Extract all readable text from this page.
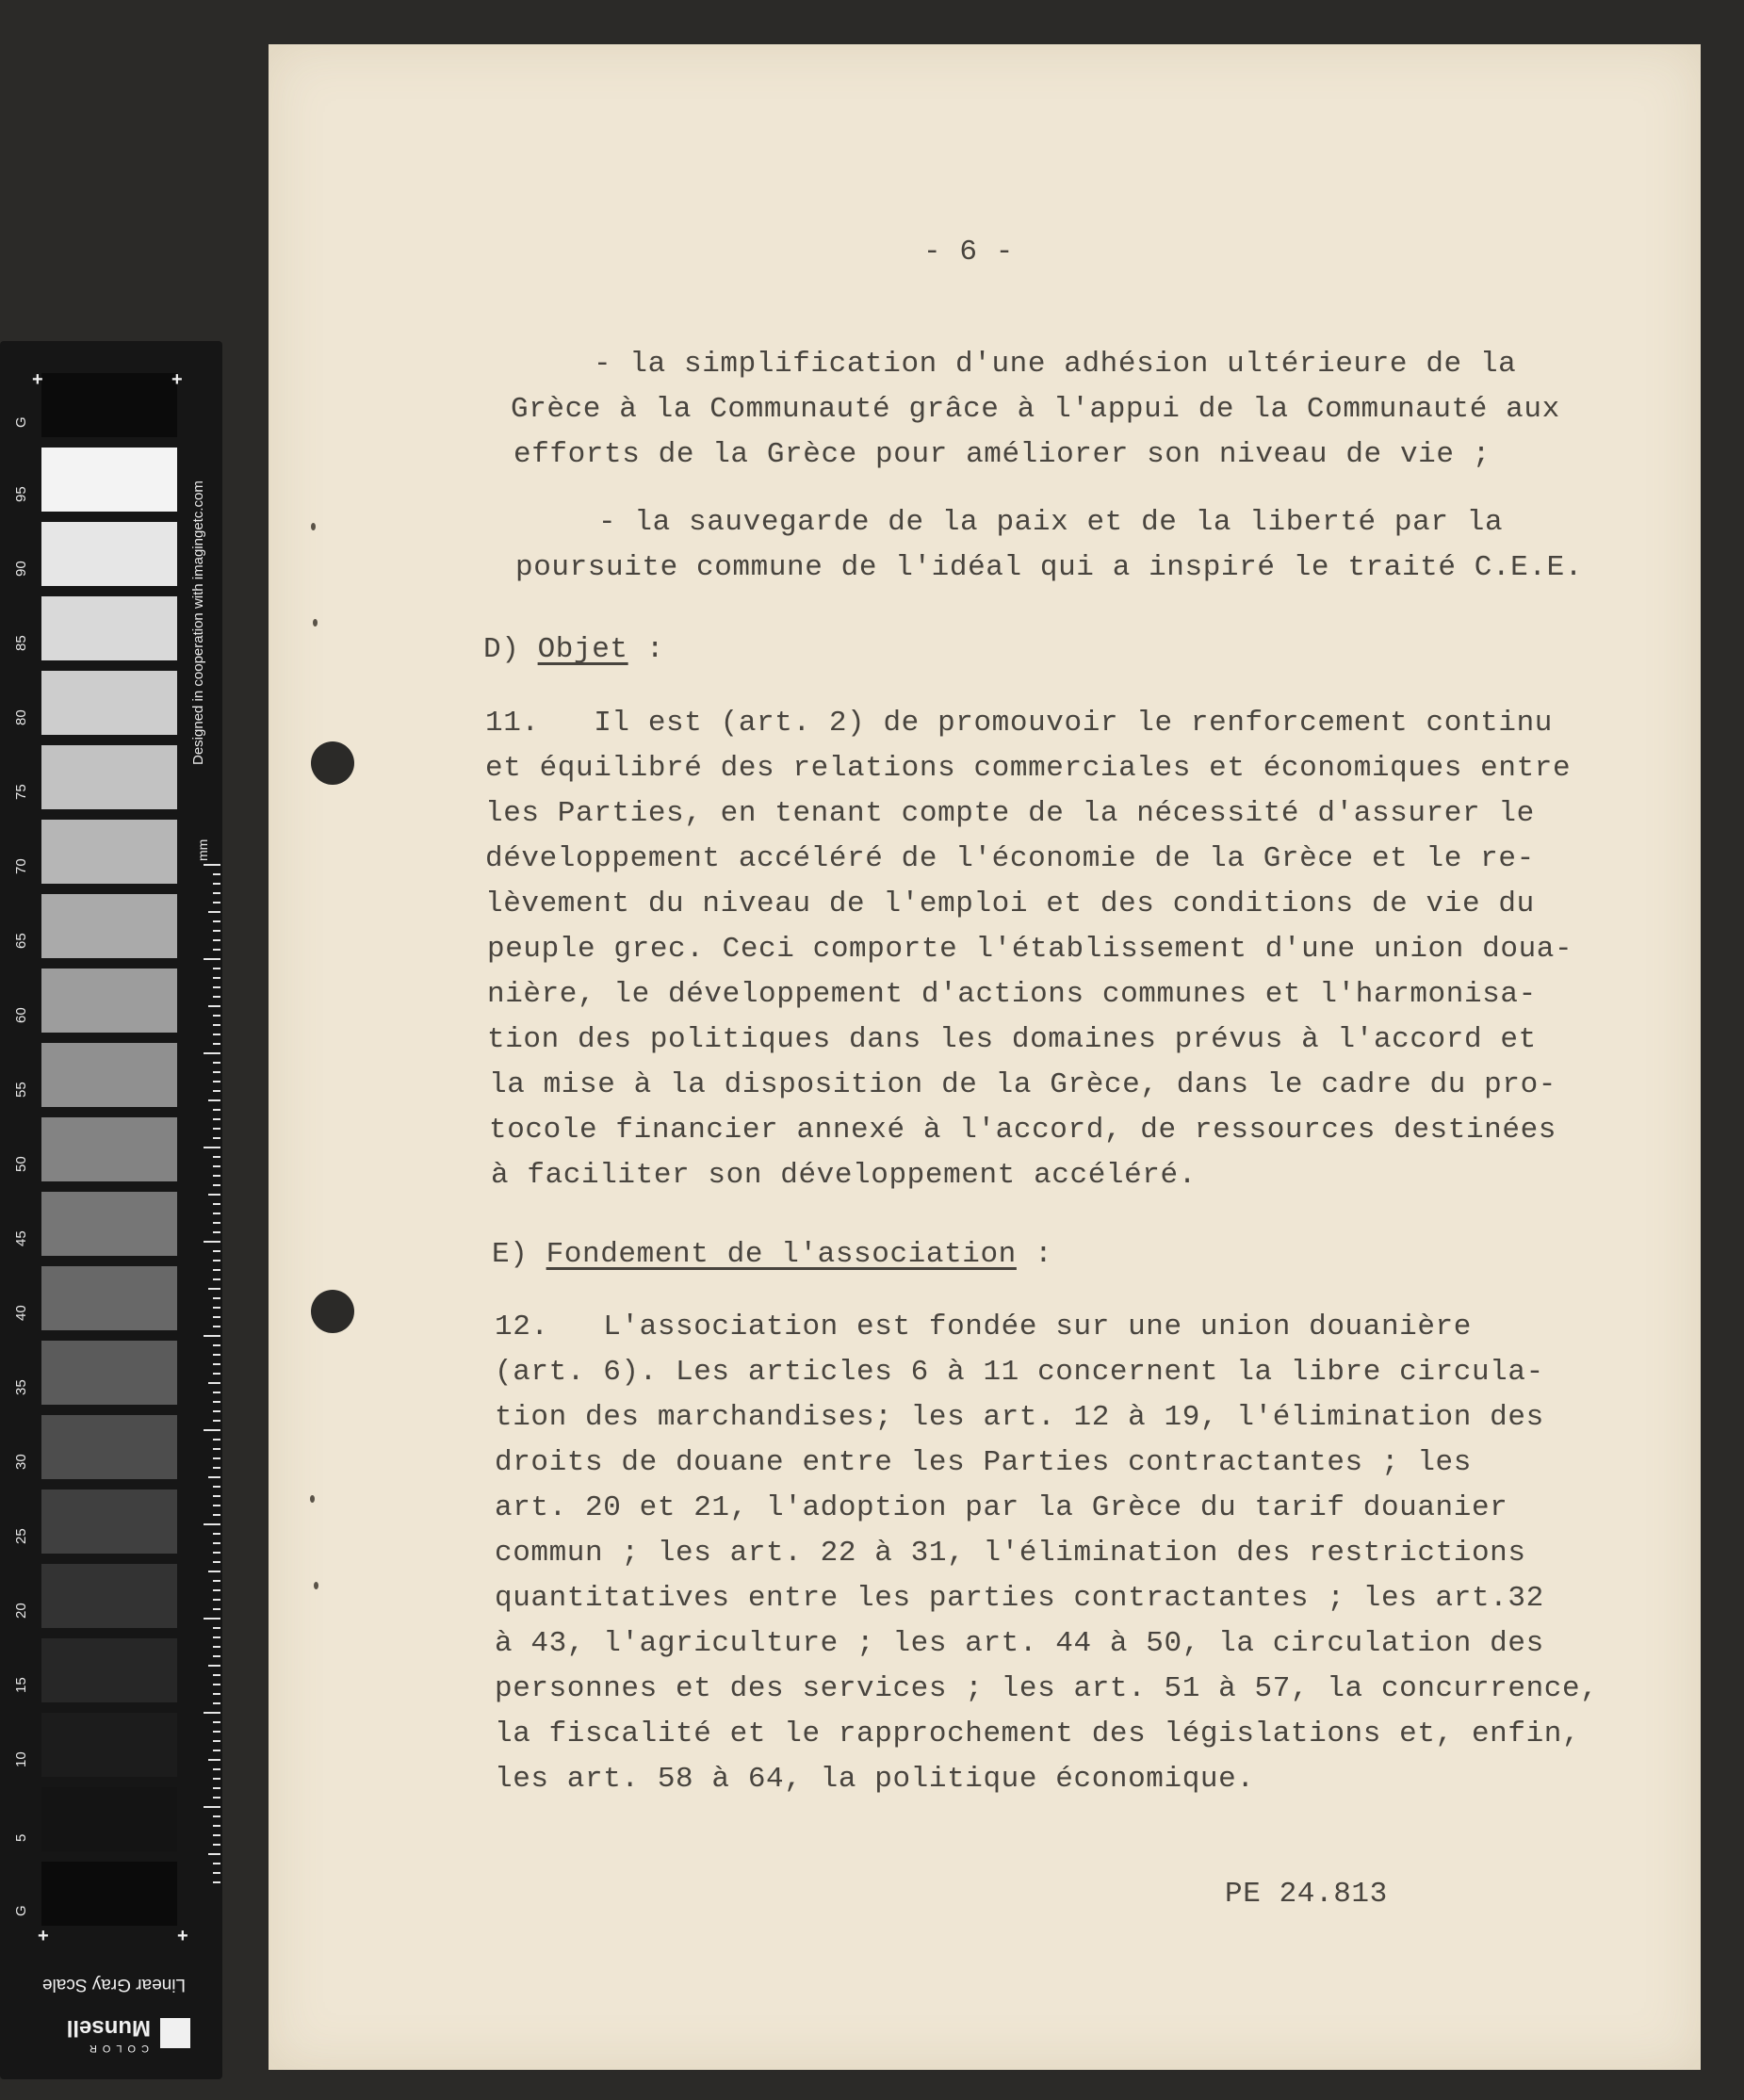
+	+
+	+
Designed in cooperation with imagingetc.com
mm
Linear Gray Scale
COLOR
Munsell
G
95
90
85
80
75
70
65
60
55
50
45
40
35
30
25
20
15
10
5
G
- 6 -
- la simplification d'une adhésion ultérieure de la
Grèce à la Communauté grâce à l'appui de la Communauté aux
efforts de la Grèce pour améliorer son niveau de vie ;
- la sauvegarde de la paix et de la liberté par la
poursuite commune de l'idéal qui a inspiré le traité C.E.E.
D) Objet :
11.   Il est (art. 2) de promouvoir le renforcement continu
et équilibré des relations commerciales et économiques entre
les Parties, en tenant compte de la nécessité d'assurer le
développement accéléré de l'économie de la Grèce et le re-
lèvement du niveau de l'emploi et des conditions de vie du
peuple grec. Ceci comporte l'établissement d'une union doua-
nière, le développement d'actions communes et l'harmonisa-
tion des politiques dans les domaines prévus à l'accord et
la mise à la disposition de la Grèce, dans le cadre du pro-
tocole financier annexé à l'accord, de ressources destinées
à faciliter son développement accéléré.
E) Fondement de l'association :
12.   L'association est fondée sur une union douanière
(art. 6). Les articles 6 à 11 concernent la libre circula-
tion des marchandises; les art. 12 à 19, l'élimination des
droits de douane entre les Parties contractantes ; les
art. 20 et 21, l'adoption par la Grèce du tarif douanier
commun ; les art. 22 à 31, l'élimination des restrictions
quantitatives entre les parties contractantes ; les art.32
à 43, l'agriculture ; les art. 44 à 50, la circulation des
personnes et des services ; les art. 51 à 57, la concurrence,
la fiscalité et le rapprochement des législations et, enfin,
les art. 58 à 64, la politique économique.
PE 24.813
